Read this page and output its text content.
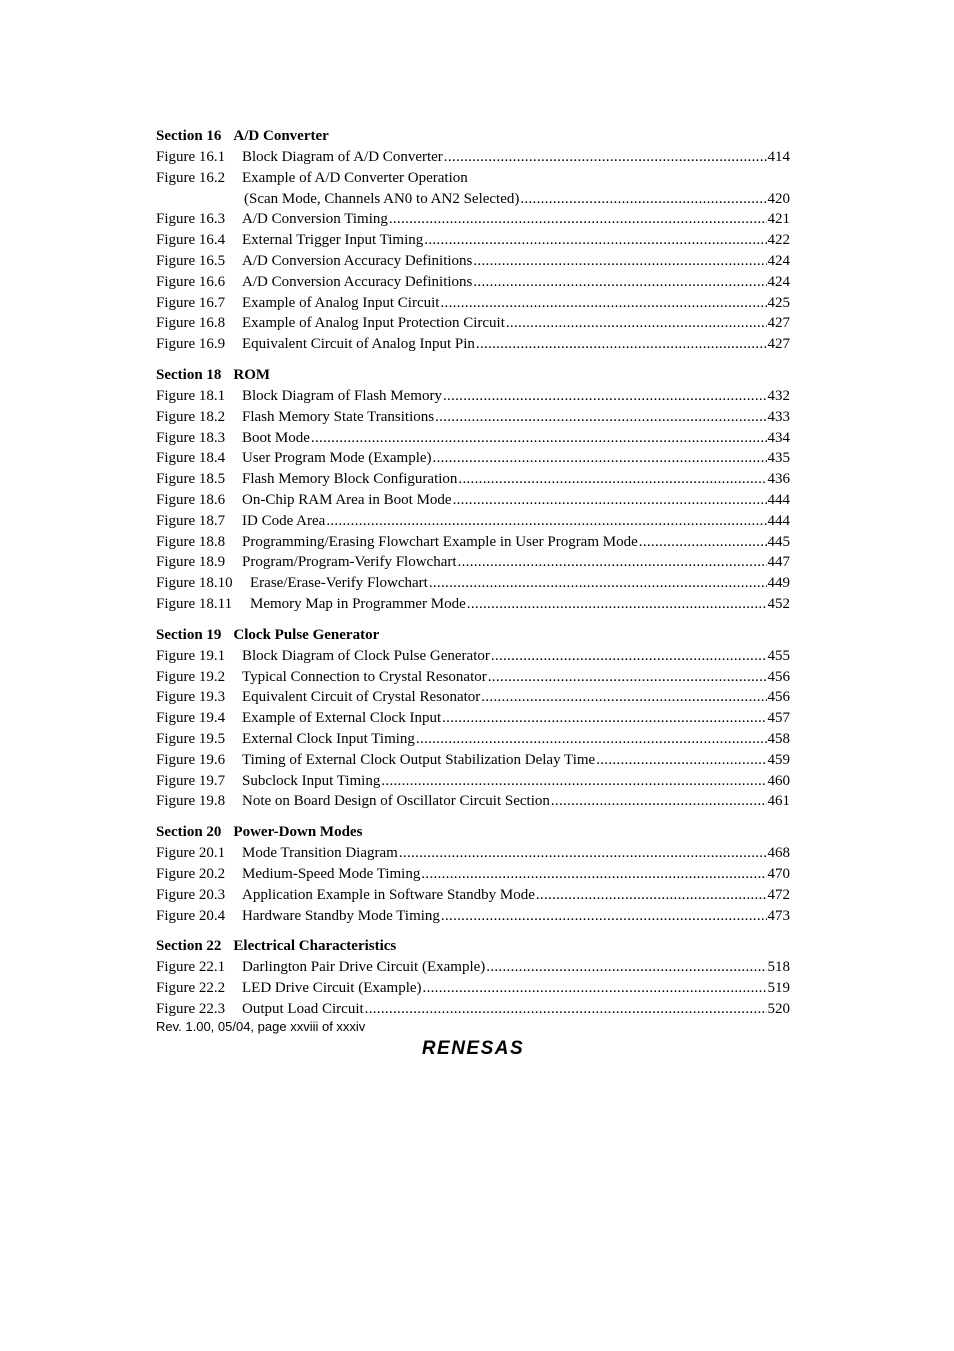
Section 16 A/D Converter
Figure 16.1	Block Diagram of A/D Converter .....	414
Figure 16.2	Example of A/D Converter Operation
(Scan Mode, Channels AN0 to AN2 Selected) .....	420
Figure 16.3	A/D Conversion Timing .....	421
Figure 16.4	External Trigger Input Timing .....	422
Figure 16.5	A/D Conversion Accuracy Definitions .....	424
Figure 16.6	A/D Conversion Accuracy Definitions .....	424
Figure 16.7	Example of Analog Input Circuit .....	425
Figure 16.8	Example of Analog Input Protection Circuit .....	427
Figure 16.9	Equivalent Circuit of Analog Input Pin .....	427
Section 18 ROM
Figure 18.1	Block Diagram of Flash Memory .....	432
Figure 18.2	Flash Memory State Transitions .....	433
Figure 18.3	Boot Mode .....	434
Figure 18.4	User Program Mode (Example) .....	435
Figure 18.5	Flash Memory Block Configuration .....	436
Figure 18.6	On-Chip RAM Area in Boot Mode .....	444
Figure 18.7	ID Code Area .....	444
Figure 18.8	Programming/Erasing Flowchart Example in User Program Mode .....	445
Figure 18.9	Program/Program-Verify Flowchart .....	447
Figure 18.10	Erase/Erase-Verify Flowchart .....	449
Figure 18.11	Memory Map in Programmer Mode .....	452
Section 19 Clock Pulse Generator
Figure 19.1	Block Diagram of Clock Pulse Generator .....	455
Figure 19.2	Typical Connection to Crystal Resonator .....	456
Figure 19.3	Equivalent Circuit of Crystal Resonator .....	456
Figure 19.4	Example of External Clock Input .....	457
Figure 19.5	External Clock Input Timing .....	458
Figure 19.6	Timing of External Clock Output Stabilization Delay Time .....	459
Figure 19.7	Subclock Input Timing .....	460
Figure 19.8	Note on Board Design of Oscillator Circuit Section .....	461
Section 20 Power-Down Modes
Figure 20.1	Mode Transition Diagram .....	468
Figure 20.2	Medium-Speed Mode Timing .....	470
Figure 20.3	Application Example in Software Standby Mode .....	472
Figure 20.4	Hardware Standby Mode Timing .....	473
Section 22 Electrical Characteristics
Figure 22.1	Darlington Pair Drive Circuit (Example) .....	518
Figure 22.2	LED Drive Circuit (Example) .....	519
Figure 22.3	Output Load Circuit .....	520
Rev. 1.00, 05/04, page xxviii of xxxiv
RENESAS
